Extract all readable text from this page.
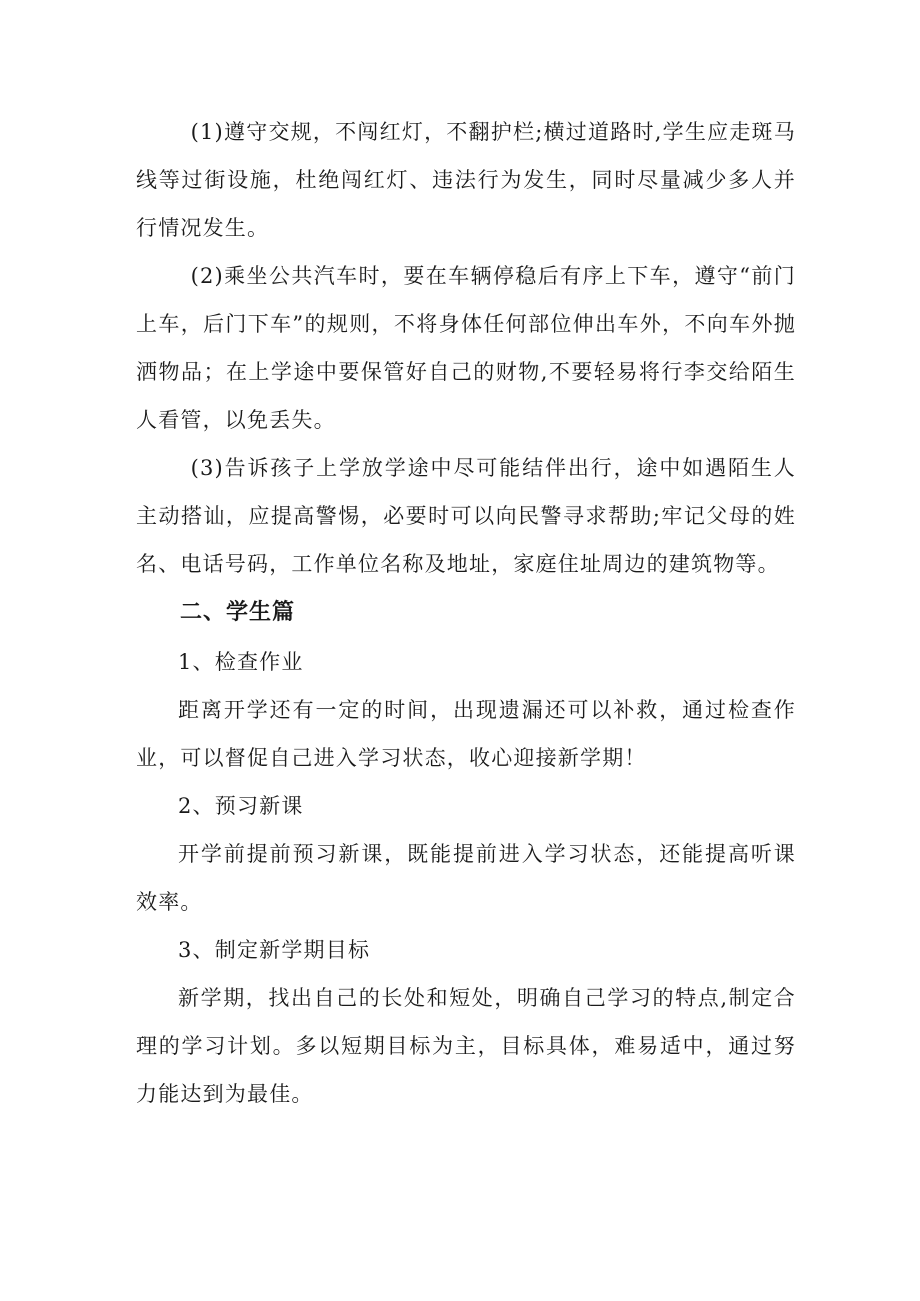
(1)遵守交规，不闯红灯，不翻护栏;横过道路时,学生应走斑马线等过街设施，杜绝闯红灯、违法行为发生，同时尽量减少多人并行情况发生。

(2)乘坐公共汽车时，要在车辆停稳后有序上下车，遵守“前门上车，后门下车”的规则，不将身体任何部位伸出车外，不向车外抛洒物品；在上学途中要保管好自己的财物,不要轻易将行李交给陌生人看管，以免丢失。

(3)告诉孩子上学放学途中尽可能结伴出行，途中如遇陌生人主动搭讪，应提高警惕，必要时可以向民警寻求帮助;牢记父母的姓名、电话号码，工作单位名称及地址，家庭住址周边的建筑物等。

二、学生篇

1、检查作业

距离开学还有一定的时间，出现遗漏还可以补救，通过检查作业，可以督促自己进入学习状态，收心迎接新学期！

2、预习新课

开学前提前预习新课，既能提前进入学习状态，还能提高听课效率。

3、制定新学期目标

新学期，找出自己的长处和短处，明确自己学习的特点,制定合理的学习计划。多以短期目标为主，目标具体，难易适中，通过努力能达到为最佳。
